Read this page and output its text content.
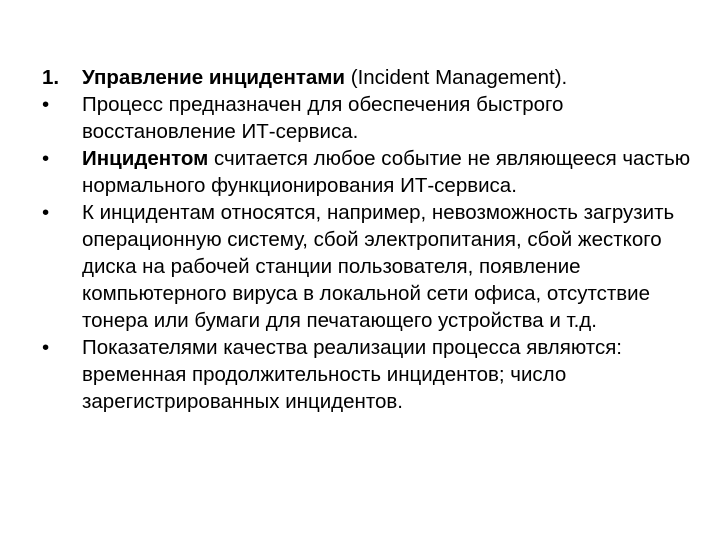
1.	Управление инцидентами (Incident Management).
•	Процесс предназначен для обеспечения быстрого восстановление ИТ-сервиса.
•	Инцидентом считается любое событие не являющееся частью нормального функционирования ИТ-сервиса.
•	К инцидентам относятся, например, невозможность загрузить операционную систему, сбой электропитания, сбой жесткого диска на рабочей станции пользователя, появление компьютерного вируса в локальной сети офиса, отсутствие тонера или бумаги для печатающего устройства и т.д.
•	Показателями качества реализации процесса являются: временная продолжительность инцидентов; число зарегистрированных инцидентов.
